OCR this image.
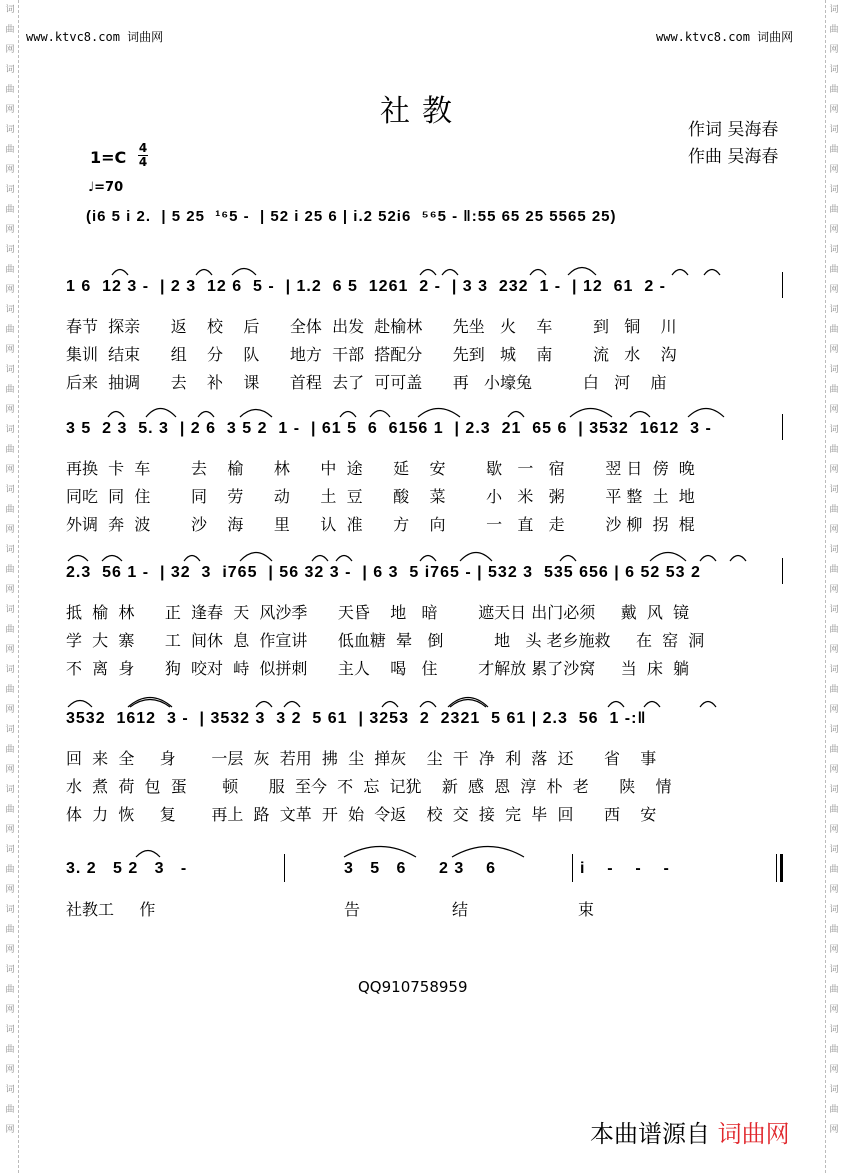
词
曲
网
词
曲
网
词
曲
网
词
曲
网
词
曲
网
词
曲
网
词
曲
网
词
曲
网
词
曲
网
词
曲
网
词
曲
网
词
曲
网
词
曲
网
词
曲
网
词
曲
网
词
曲
网
词
曲
网
词
曲
网
词
曲
网
词
曲
网
词
曲
网
词
曲
网
词
曲
网
词
曲
网
词
曲
网
词
曲
网
词
曲
网
词
曲
网
词
曲
网
词
曲
网
词
曲
网
词
曲
网
词
曲
网
词
曲
网
词
曲
网
词
曲
网
词
曲
网
词
曲
网
www.ktvc8.com 词曲网	www.ktvc8.com 词曲网
社教
作词 吴海春
作曲 吴海春
1=C 4
4
♩=70
(i6 5 i 2.  | 5 25  ¹⁶5 -  | 52 i 25 6 | i.2 52i6  ⁵⁶5 - ‖:55 65 25 5565 25)
1 6  12 3 -  | 2 3  12 6  5 -  | 1.2  6 5  1261  2 -  | 3 3  232  1 -  | 12  61  2 -
春节  探亲      返    校    后      全体  出发  赴榆林      先坐   火    车        到   铜    川
集训  结束      组    分    队      地方  干部  搭配分      先到   城    南        流   水    沟
后来  抽调      去    补    课      首程  去了  可可盖      再   小壕兔          白   河    庙
3 5  2 3  5. 3  | 2 6  3 5 2  1 -  | 61 5  6  6156 1  | 2.3  21  65 6  | 3532  1612  3 -
再换  卡  车        去    榆      林      中  途      延    安        歇   一   宿        翌 日  傍  晚
同吃  同  住        同    劳      动      土  豆      酸    菜        小   米   粥        平 整  土  地
外调  奔  波        沙    海      里      认  准      方    向        一   直   走        沙 柳  拐  棍
2.3  56 1 -  | 32  3  i765  | 56 32 3 -  | 6 3  5 i765 - | 532 3  535 656 | 6 52 53 2
抵  榆  林      正  逢春  天  风沙季      天昏    地   暗        遮天日 出门必须     戴  风  镜
学  大  寨      工  间休  息  作宣讲      低血糖  晕   倒          地   头 老乡施救     在  窑  洞
不  离  身      狗  咬对  峙  似拼刺      主人    喝   住        才解放 累了沙窝     当  床  躺
3532  1612  3 -  | 3532 3  3 2  5 61  | 3253  2  2321  5 61 | 2.3  56  1 -:‖
回  来  全     身       一层  灰  若用  拂  尘  掸灰    尘  干  净  利  落  还      省    事
水  煮  荷  包  蛋       顿      服  至今  不  忘  记犹    新  感  恩  淳  朴  老      陕    情
体  力  恢     复       再上  路  文革  开  始  令返    校  交  接  完  毕  回      西    安
3. 2   5 2   3   -	3   5   6      2 3    6	i    -    -    -
社教工     作	告	结	束
QQ910758959
本曲谱源自 词曲网
